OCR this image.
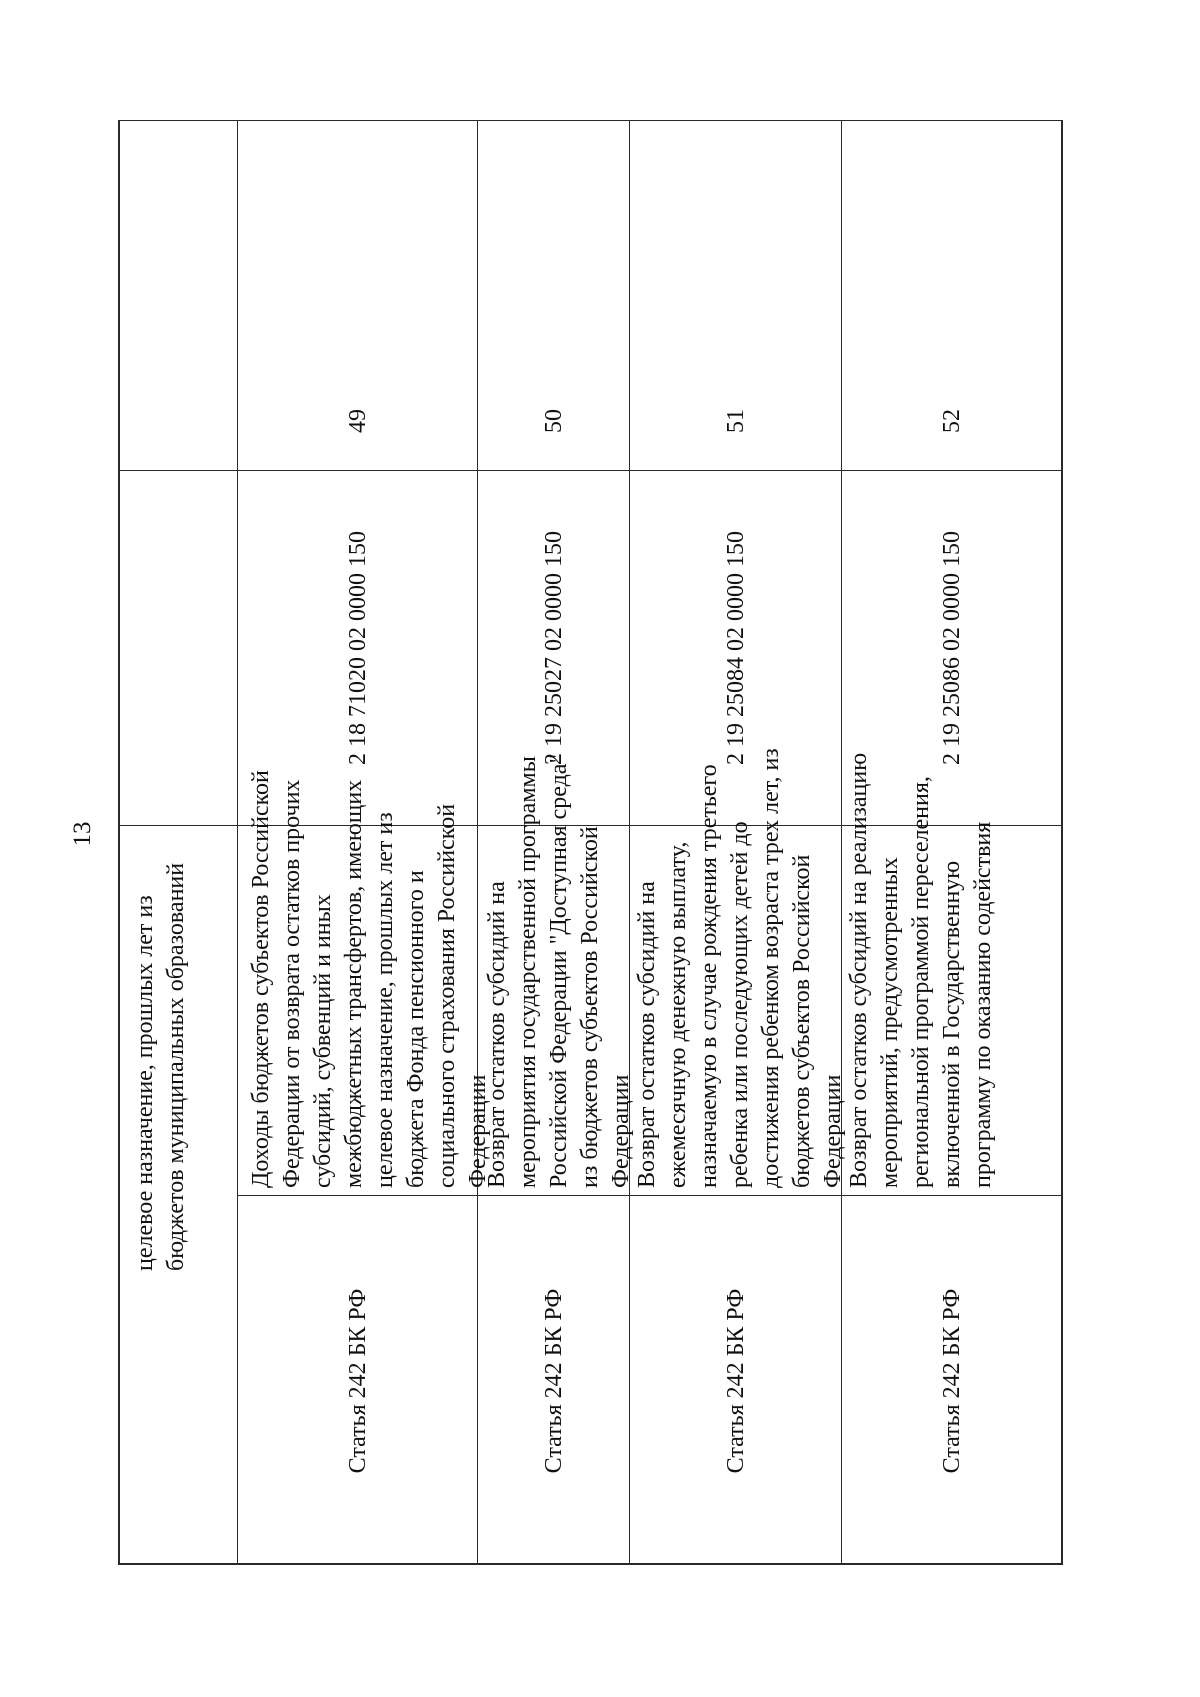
13
целевое назначение, прошлых лет из бюджетов муниципальных образований
49
2 18 71020 02 0000 150
Доходы бюджетов субъектов Российской Федерации от возврата остатков прочих субсидий, субвенций и иных межбюджетных трансфертов, имеющих целевое назначение, прошлых лет из бюджета Фонда пенсионного и социального страхования Российской Федерации
Статья 242 БК РФ
50
2 19 25027 02 0000 150
Возврат остатков субсидий на мероприятия государственной программы Российской Федерации "Доступная среда" из бюджетов субъектов Российской Федерации
Статья 242 БК РФ
51
2 19 25084 02 0000 150
Возврат остатков субсидий на ежемесячную денежную выплату, назначаемую в случае рождения третьего ребенка или последующих детей до достижения ребенком возраста трех лет, из бюджетов субъектов Российской Федерации
Статья 242 БК РФ
52
2 19 25086 02 0000 150
Возврат остатков субсидий на реализацию мероприятий, предусмотренных региональной программой переселения, включенной в Государственную программу по оказанию содействия
Статья 242 БК РФ
